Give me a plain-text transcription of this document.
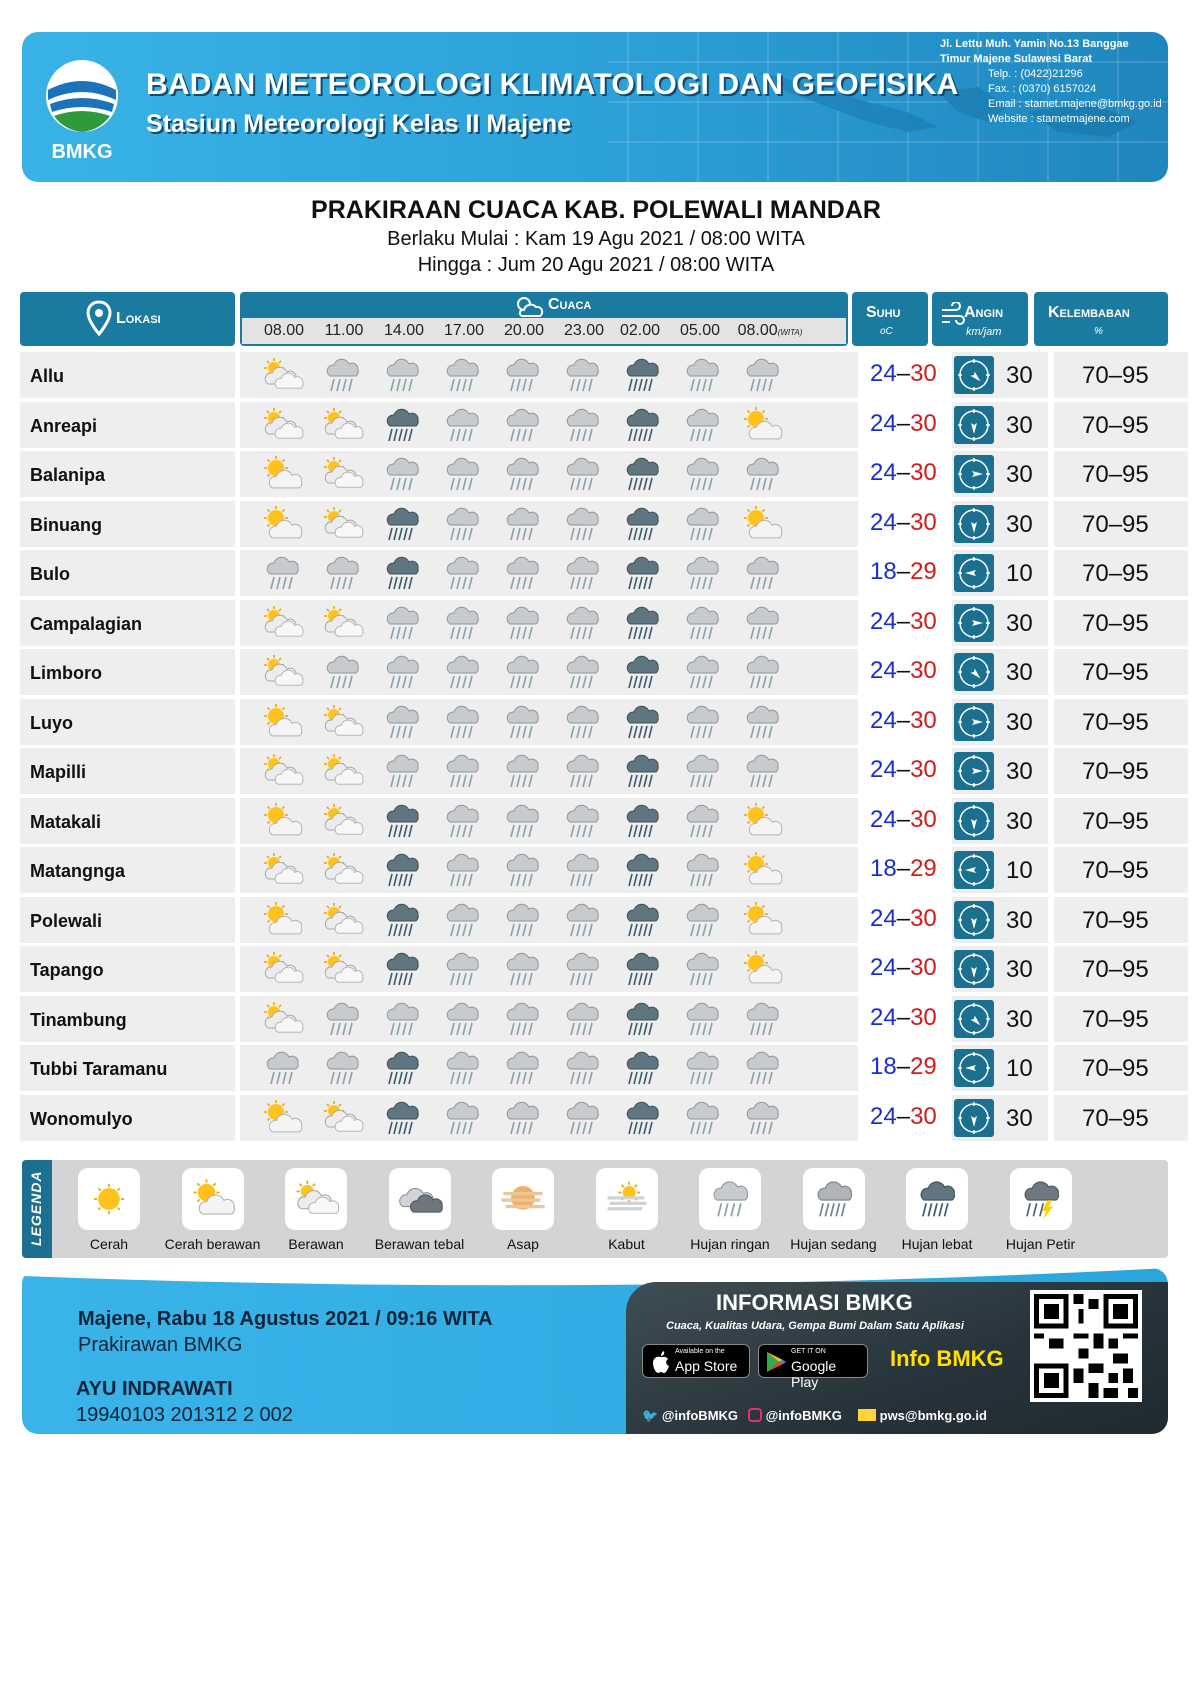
BMKG
BADAN METEOROLOGI KLIMATOLOGI DAN GEOFISIKA
Stasiun Meteorologi Kelas II Majene
Jl. Lettu Muh. Yamin No.13 Banggae
Timur Majene Sulawesi Barat
Telp. : (0422)21296
Fax. : (0370) 6157024
Email : stamet.majene@bmkg.go.id
Website : stametmajene.com
PRAKIRAAN CUACA KAB. POLEWALI MANDAR
Berlaku Mulai : Kam 19 Agu 2021 / 08:00 WITA
Hingga : Jum 20 Agu 2021 / 08:00 WITA
Lokasi
Cuaca
08.00	11.00	14.00	17.00	20.00	23.00 02.00	05.00	08.00(WITA)
Suhu
oC
Angin
km/jam
Kelembaban
%
Allu	24–30	30 70–95
Anreapi	24–30	30 70–95
Balanipa	24–30	30 70–95
Binuang	24–30	30 70–95
Bulo	18–29	10 70–95
Campalagian	24–30	30 70–95
Limboro	24–30	30 70–95
Luyo	24–30	30 70–95
Mapilli	24–30	30 70–95
Matakali	24–30	30 70–95
Matangnga	18–29	10 70–95
Polewali	24–30	30 70–95
Tapango	24–30	30 70–95
Tinambung	24–30	30 70–95
Tubbi Taramanu	18–29	10 70–95
Wonomulyo	24–30	30 70–95
LEGENDA	Cerah	Cerah berawan	Berawan	Berawan tebal	Asap	Kabut	Hujan ringan	Hujan sedang	Hujan lebat	Hujan Petir
Majene, Rabu 18 Agustus 2021 / 09:16 WITA
Prakirawan BMKG
AYU INDRAWATI
19940103 201312 2 002
INFORMASI BMKG
Cuaca, Kualitas Udara, Gempa Bumi Dalam Satu Aplikasi
Available on the
App Store
GET IT ON
Google Play
Info BMKG
🐦 @infoBMKG	@infoBMKG	pws@bmkg.go.id
